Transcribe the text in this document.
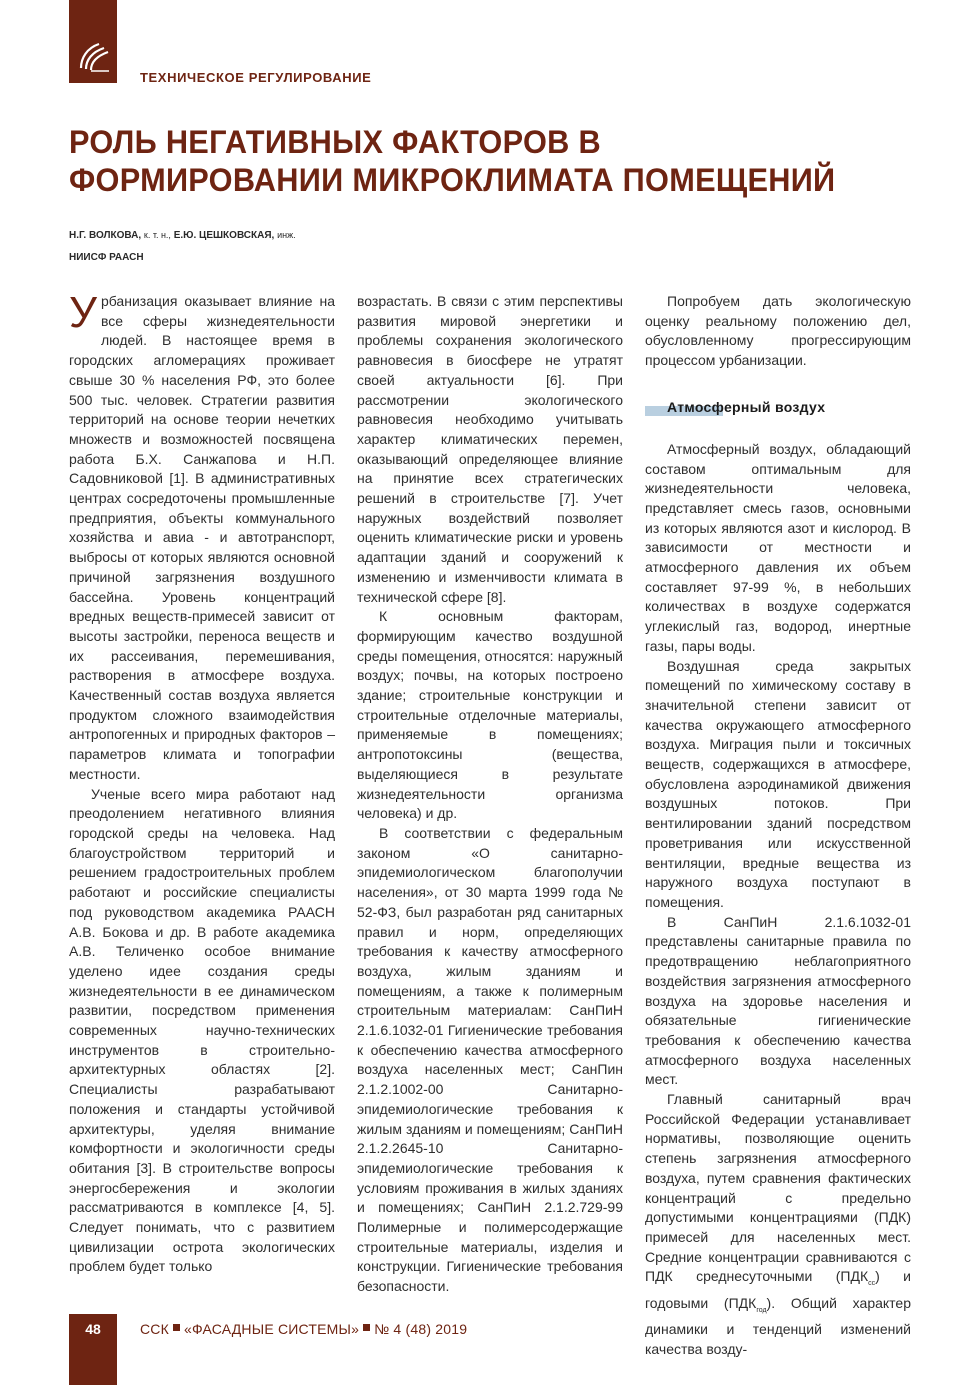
ТЕХНИЧЕСКОЕ РЕГУЛИРОВАНИЕ
РОЛЬ НЕГАТИВНЫХ ФАКТОРОВ В
ФОРМИРОВАНИИ МИКРОКЛИМАТА ПОМЕЩЕНИЙ
Н.Г. ВОЛКОВА, к. т. н., Е.Ю. ЦЕШКОВСКАЯ, инж.
НИИСФ РААСН

Урбанизация оказывает влияние на все сферы жизнедеятельности людей. В настоящее время в городских агломерациях проживает свыше 30 % населения РФ, это более 500 тыс. человек. Стратегии развития территорий на основе теории нечетких множеств и возможностей посвящена работа Б.Х. Санжапова и Н.П. Садовниковой [1]. В административных центрах сосредоточены промышленные предприятия, объекты коммунального хозяйства и авиа - и автотранспорт, выбросы от которых являются основной причиной загрязнения воздушного бассейна. Уровень концентраций вредных веществ-примесей зависит от высоты застройки, переноса веществ и их рассеивания, перемешивания, растворения в атмосфере воздуха. Качественный состав воздуха является продуктом сложного взаимодействия антропогенных и природных факторов – параметров климата и топографии местности.

Ученые всего мира работают над преодолением негативного влияния городской среды на человека. Над благоустройством территорий и решением градостроительных проблем работают и российские специалисты под руководством академика РААСН А.В. Бокова и др. В работе академика А.В. Теличенко особое внимание уделено идее создания среды жизнедеятельности в ее динамическом развитии, посредством применения современных научно-технических инструментов в строительно-архитектурных областях [2]. Специалисты разрабатывают положения и стандарты устойчивой архитектуры, уделяя внимание комфортности и экологичности среды обитания [3]. В строительстве вопросы энергосбережения и экологии рассматриваются в комплексе [4, 5]. Следует понимать, что с развитием цивилизации острота экологических проблем будет только

возрастать. В связи с этим перспективы развития мировой энергетики и проблемы сохранения экологического равновесия в биосфере не утратят своей актуальности [6]. При рассмотрении экологического равновесия необходимо учитывать характер климатических перемен, оказывающий определяющее влияние на принятие всех стратегических решений в строительстве [7]. Учет наружных воздействий позволяет оценить климатические риски и уровень адаптации зданий и сооружений к изменению и изменчивости климата в технической сфере [8].

К основным факторам, формирующим качество воздушной среды помещения, относятся: наружный воздух; почвы, на которых построено здание; строительные конструкции и строительные отделочные материалы, применяемые в помещениях; антропотоксины (вещества, выделяющиеся в результате жизнедеятельности организма человека) и др.

В соответствии с федеральным законом «О санитарно-эпидемиологическом благополучии населения», от 30 марта 1999 года № 52-ФЗ, был разработан ряд санитарных правил и норм, определяющих требования к качеству атмосферного воздуха, жилым зданиям и помещениям, а также к полимерным строительным материалам: СанПиН 2.1.6.1032-01 Гигиенические требования к обеспечению качества атмосферного воздуха населенных мест; СанПин 2.1.2.1002-00 Санитарно-эпидемиологические требования к жилым зданиям и помещениям; СанПиН 2.1.2.2645-10 Санитарно-эпидемиологические требования к условиям проживания в жилых зданиях и помещениях; СанПиН 2.1.2.729-99 Полимерные и полимерсодержащие строительные материалы, изделия и конструкции. Гигиенические требования безопасности.

Попробуем дать экологическую оценку реальному положению дел, обусловленному прогрессирующим процессом урбанизации.

Атмосферный воздух

Атмосферный воздух, обладающий составом оптимальным для жизнедеятельности человека, представляет смесь газов, основными из которых являются азот и кислород. В зависимости от местности и атмосферного давления их объем составляет 97-99 %, в небольших количествах в воздухе содержатся углекислый газ, водород, инертные газы, пары воды.

Воздушная среда закрытых помещений по химическому составу в значительной степени зависит от качества окружающего атмосферного воздуха. Миграция пыли и токсичных веществ, содержащихся в атмосфере, обусловлена аэродинамикой движения воздушных потоков. При вентилировании зданий посредством проветривания или искусственной вентиляции, вредные вещества из наружного воздуха поступают в помещения.

В СанПиН 2.1.6.1032-01 представлены санитарные правила по предотвращению неблагоприятного воздействия загрязнения атмосферного воздуха на здоровье населения и обязательные гигиенические требования к обеспечению качества атмосферного воздуха населенных мест.

Главный санитарный врач Российской Федерации устанавливает нормативы, позволяющие оценить степень загрязнения атмосферного воздуха, путем сравнения фактических концентраций с предельно допустимыми концентрациями (ПДК) примесей для населенных мест. Средние концентрации сравниваются с ПДК среднесуточными $(ПДК_{сс})$ и годовыми $(ПДК_{год})$. Общий характер динамики и тенденций изменений качества возду-

48	ССК «ФАСАДНЫЕ СИСТЕМЫ» № 4 (48) 2019
